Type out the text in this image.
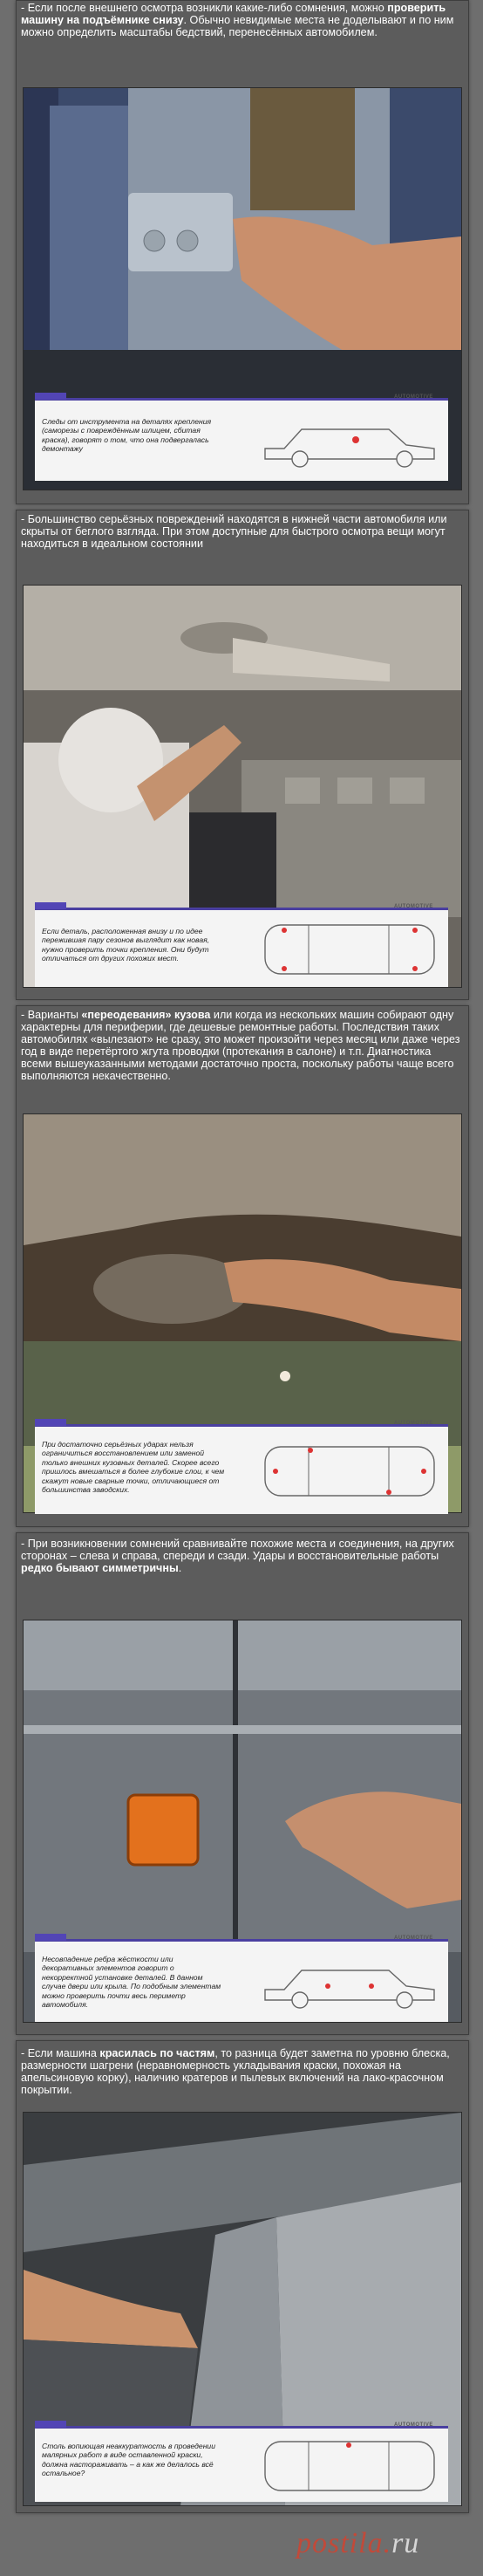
- Если после внешнего осмотра возникли какие-либо сомнения, можно проверить машину на подъёмнике снизу. Обычно невидимые места не доделывают и по ним можно определить масштабы бедствий, перенесённых автомобилем.
Следы от инструмента на деталях крепления (саморезы с повреждённым шлицем, сбитая краска), говорят о том, что она подвергалась демонтажу
AUTOMOTIVE
- Большинство серьёзных повреждений находятся в нижней части автомобиля или скрыты от беглого взгляда. При этом доступные для быстрого осмотра вещи могут находиться в идеальном состоянии
Если деталь, расположенная внизу и по идее пережившая пару сезонов выглядит как новая, нужно проверить точки крепления. Они будут отличаться от других похожих мест.
AUTOMOTIVE
- Варианты «переодевания» кузова или когда из нескольких машин собирают одну характерны для периферии, где дешевые ремонтные работы. Последствия таких автомобилях «вылезают» не сразу, это может произойти через месяц или даже через год в виде перетёртого жгута проводки (протекания в салоне) и т.п. Диагностика всеми вышеуказанными методами достаточно проста, поскольку работы чаще всего выполняются некачественно.
При достаточно серьёзных ударах нельзя ограничиться восстановлением или заменой только внешних кузовных деталей. Скорее всего пришлось вмешаться в более глубокие слои, к чем скажут новые сварные точки, отличающиеся от большинства заводских.
AUTOMOTIVE
- При возникновении сомнений сравнивайте похожие места и соединения, на других сторонах – слева и справа, спереди и сзади. Удары и восстановительные работы редко бывают симметричны.
Несовпадение ребра жёсткости или декоративных элементов говорит о некорректной установке деталей. В данном случае двери или крыла. По подобным элементам можно проверить почти весь периметр автомобиля.
AUTOMOTIVE
- Если машина красилась по частям, то разница будет заметна по уровню блеска, размерности шагрени (неравномерность укладывания краски, похожая на апельсиновую корку), наличию кратеров и пылевых включений на лако-красочном покрытии.
Столь вопиющая неаккуратность в проведении малярных работ в виде оставленной краски, должна настораживать – а как же делалось всё остальное?
AUTOMOTIVE
postila.ru
